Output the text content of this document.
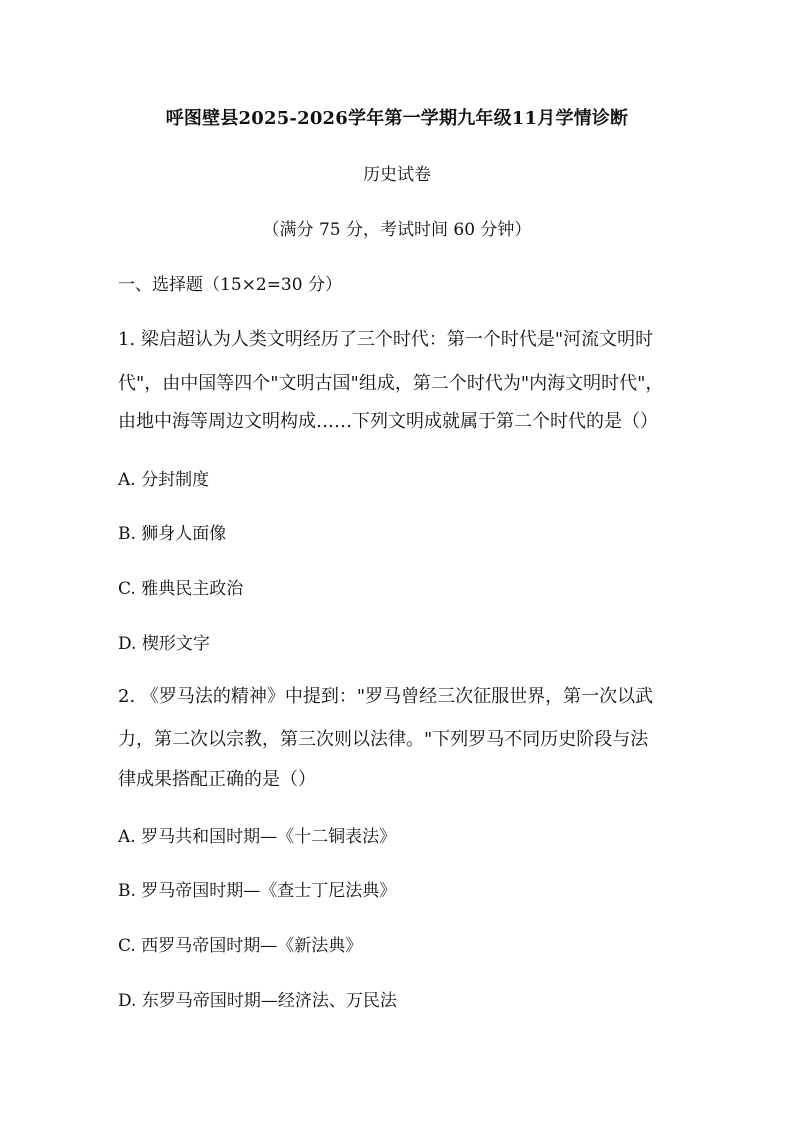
呼图壁县2025-2026学年第一学期九年级11月学情诊断
历史试卷
（满分 75 分，考试时间 60 分钟）
一、选择题（15×2=30 分）
1. 梁启超认为人类文明经历了三个时代：第一个时代是"河流文明时
代"，由中国等四个"文明古国"组成，第二个时代为"内海文明时代"，
由地中海等周边文明构成……下列文明成就属于第二个时代的是（）
A. 分封制度
B. 狮身人面像
C. 雅典民主政治
D. 楔形文字
2. 《罗马法的精神》中提到："罗马曾经三次征服世界，第一次以武
力，第二次以宗教，第三次则以法律。"下列罗马不同历史阶段与法
律成果搭配正确的是（）
A. 罗马共和国时期—《十二铜表法》
B. 罗马帝国时期—《查士丁尼法典》
C. 西罗马帝国时期—《新法典》
D. 东罗马帝国时期—经济法、万民法
